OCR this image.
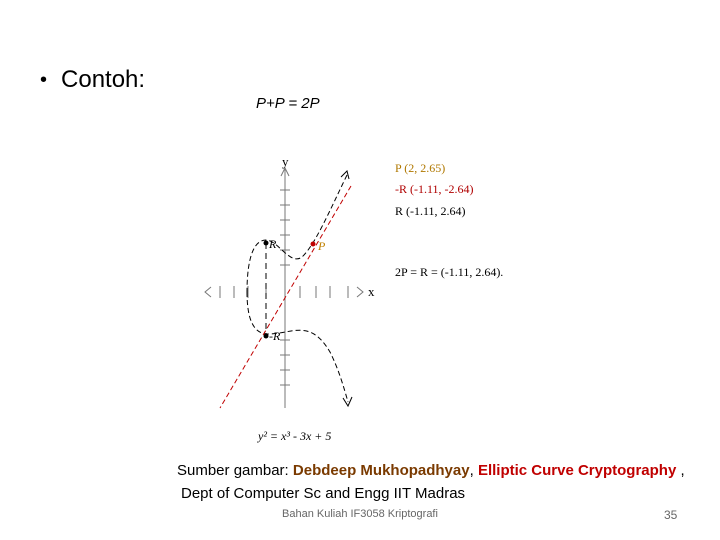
• Contoh:
P+P = 2P
y
x
R	P
-R
P (2, 2.65)
-R (-1.11, -2.64)
R (-1.11, 2.64)
2P = R = (-1.11, 2.64).
y² = x³ - 3x + 5
Sumber gambar: Debdeep Mukhopadhyay, Elliptic Curve Cryptography ,
Dept of Computer Sc and Engg IIT Madras
Bahan Kuliah IF3058 Kriptografi	35
